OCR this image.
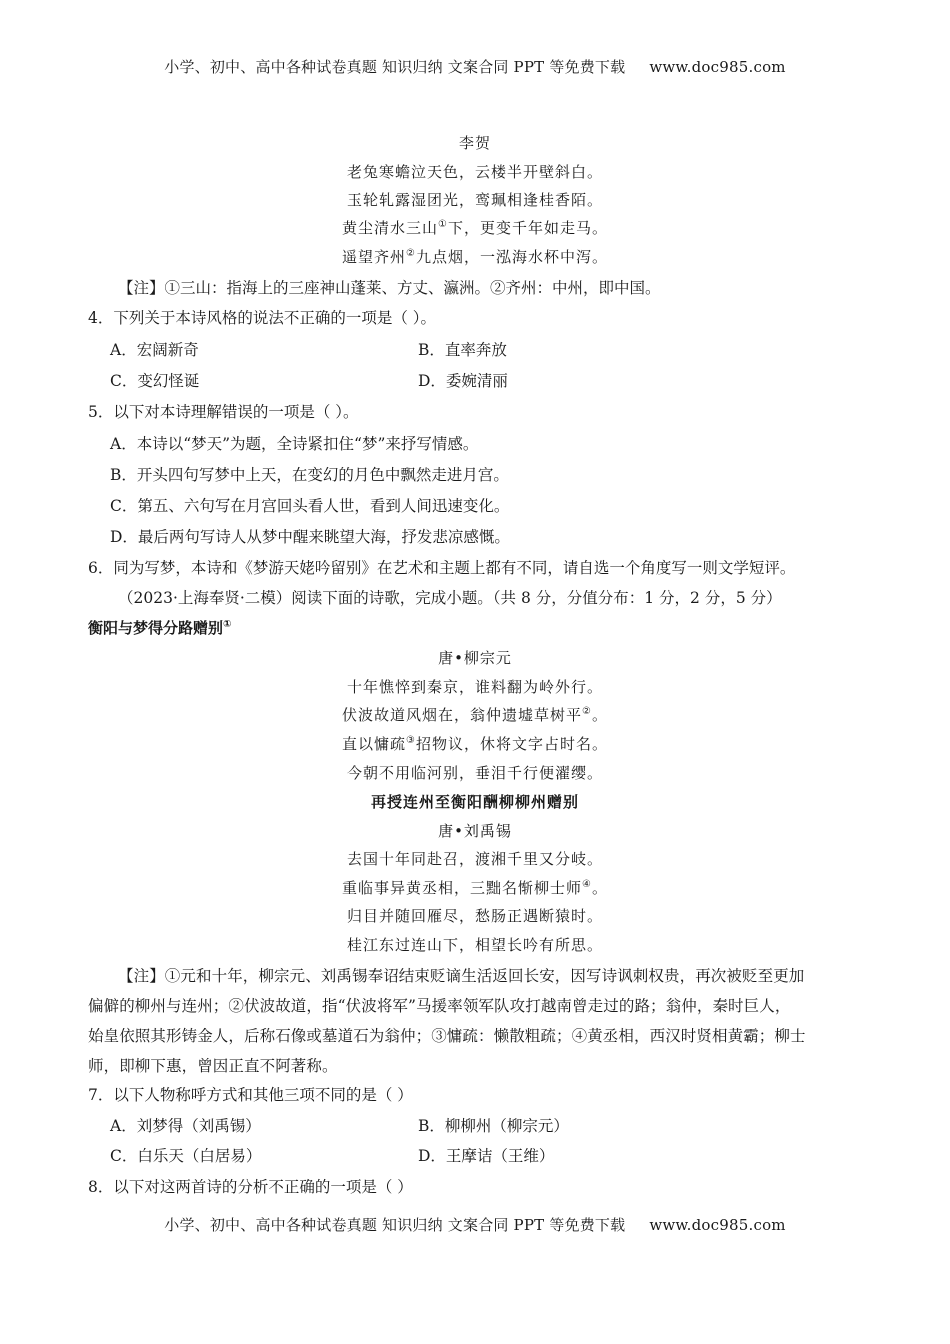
小学、初中、高中各种试卷真题 知识归纳 文案合同 PPT 等免费下载 www.doc985.com
李贺
老兔寒蟾泣天色，云楼半开壁斜白。
玉轮轧露湿团光，鸾珮相逢桂香陌。
黄尘清水三山①下，更变千年如走马。
遥望齐州②九点烟，一泓海水杯中泻。
【注】①三山：指海上的三座神山蓬莱、方丈、瀛洲。②齐州：中州，即中国。
4．下列关于本诗风格的说法不正确的一项是（ ）。
A．宏阔新奇	B．直率奔放
C．变幻怪诞	D．委婉清丽
5．以下对本诗理解错误的一项是（ ）。
A．本诗以“梦天”为题，全诗紧扣住“梦”来抒写情感。
B．开头四句写梦中上天，在变幻的月色中飘然走进月宫。
C．第五、六句写在月宫回头看人世，看到人间迅速变化。
D．最后两句写诗人从梦中醒来眺望大海，抒发悲凉感慨。
6．同为写梦，本诗和《梦游天姥吟留别》在艺术和主题上都有不同，请自选一个角度写一则文学短评。
（2023·上海奉贤·二模）阅读下面的诗歌，完成小题。（共 8 分，分值分布：1 分，2 分，5 分）
衡阳与梦得分路赠别①
唐•柳宗元
十年憔悴到秦京，谁料翻为岭外行。
伏波故道风烟在，翁仲遗墟草树平②。
直以慵疏③招物议，休将文字占时名。
今朝不用临河别，垂泪千行便濯缨。
再授连州至衡阳酬柳柳州赠别
唐•刘禹锡
去国十年同赴召，渡湘千里又分岐。
重临事异黄丞相，三黜名惭柳士师④。
归目并随回雁尽，愁肠正遇断猿时。
桂江东过连山下，相望长吟有所思。
【注】①元和十年，柳宗元、刘禹锡奉诏结束贬谪生活返回长安，因写诗讽刺权贵，再次被贬至更加
偏僻的柳州与连州；②伏波故道，指“伏波将军”马援率领军队攻打越南曾走过的路；翁仲，秦时巨人，
始皇依照其形铸金人，后称石像或墓道石为翁仲；③慵疏：懒散粗疏；④黄丞相，西汉时贤相黄霸；柳士
师，即柳下惠，曾因正直不阿著称。
7．以下人物称呼方式和其他三项不同的是（ ）
A．刘梦得（刘禹锡）	B．柳柳州（柳宗元）
C．白乐天（白居易）	D．王摩诘（王维）
8．以下对这两首诗的分析不正确的一项是（ ）
小学、初中、高中各种试卷真题 知识归纳 文案合同 PPT 等免费下载 www.doc985.com
